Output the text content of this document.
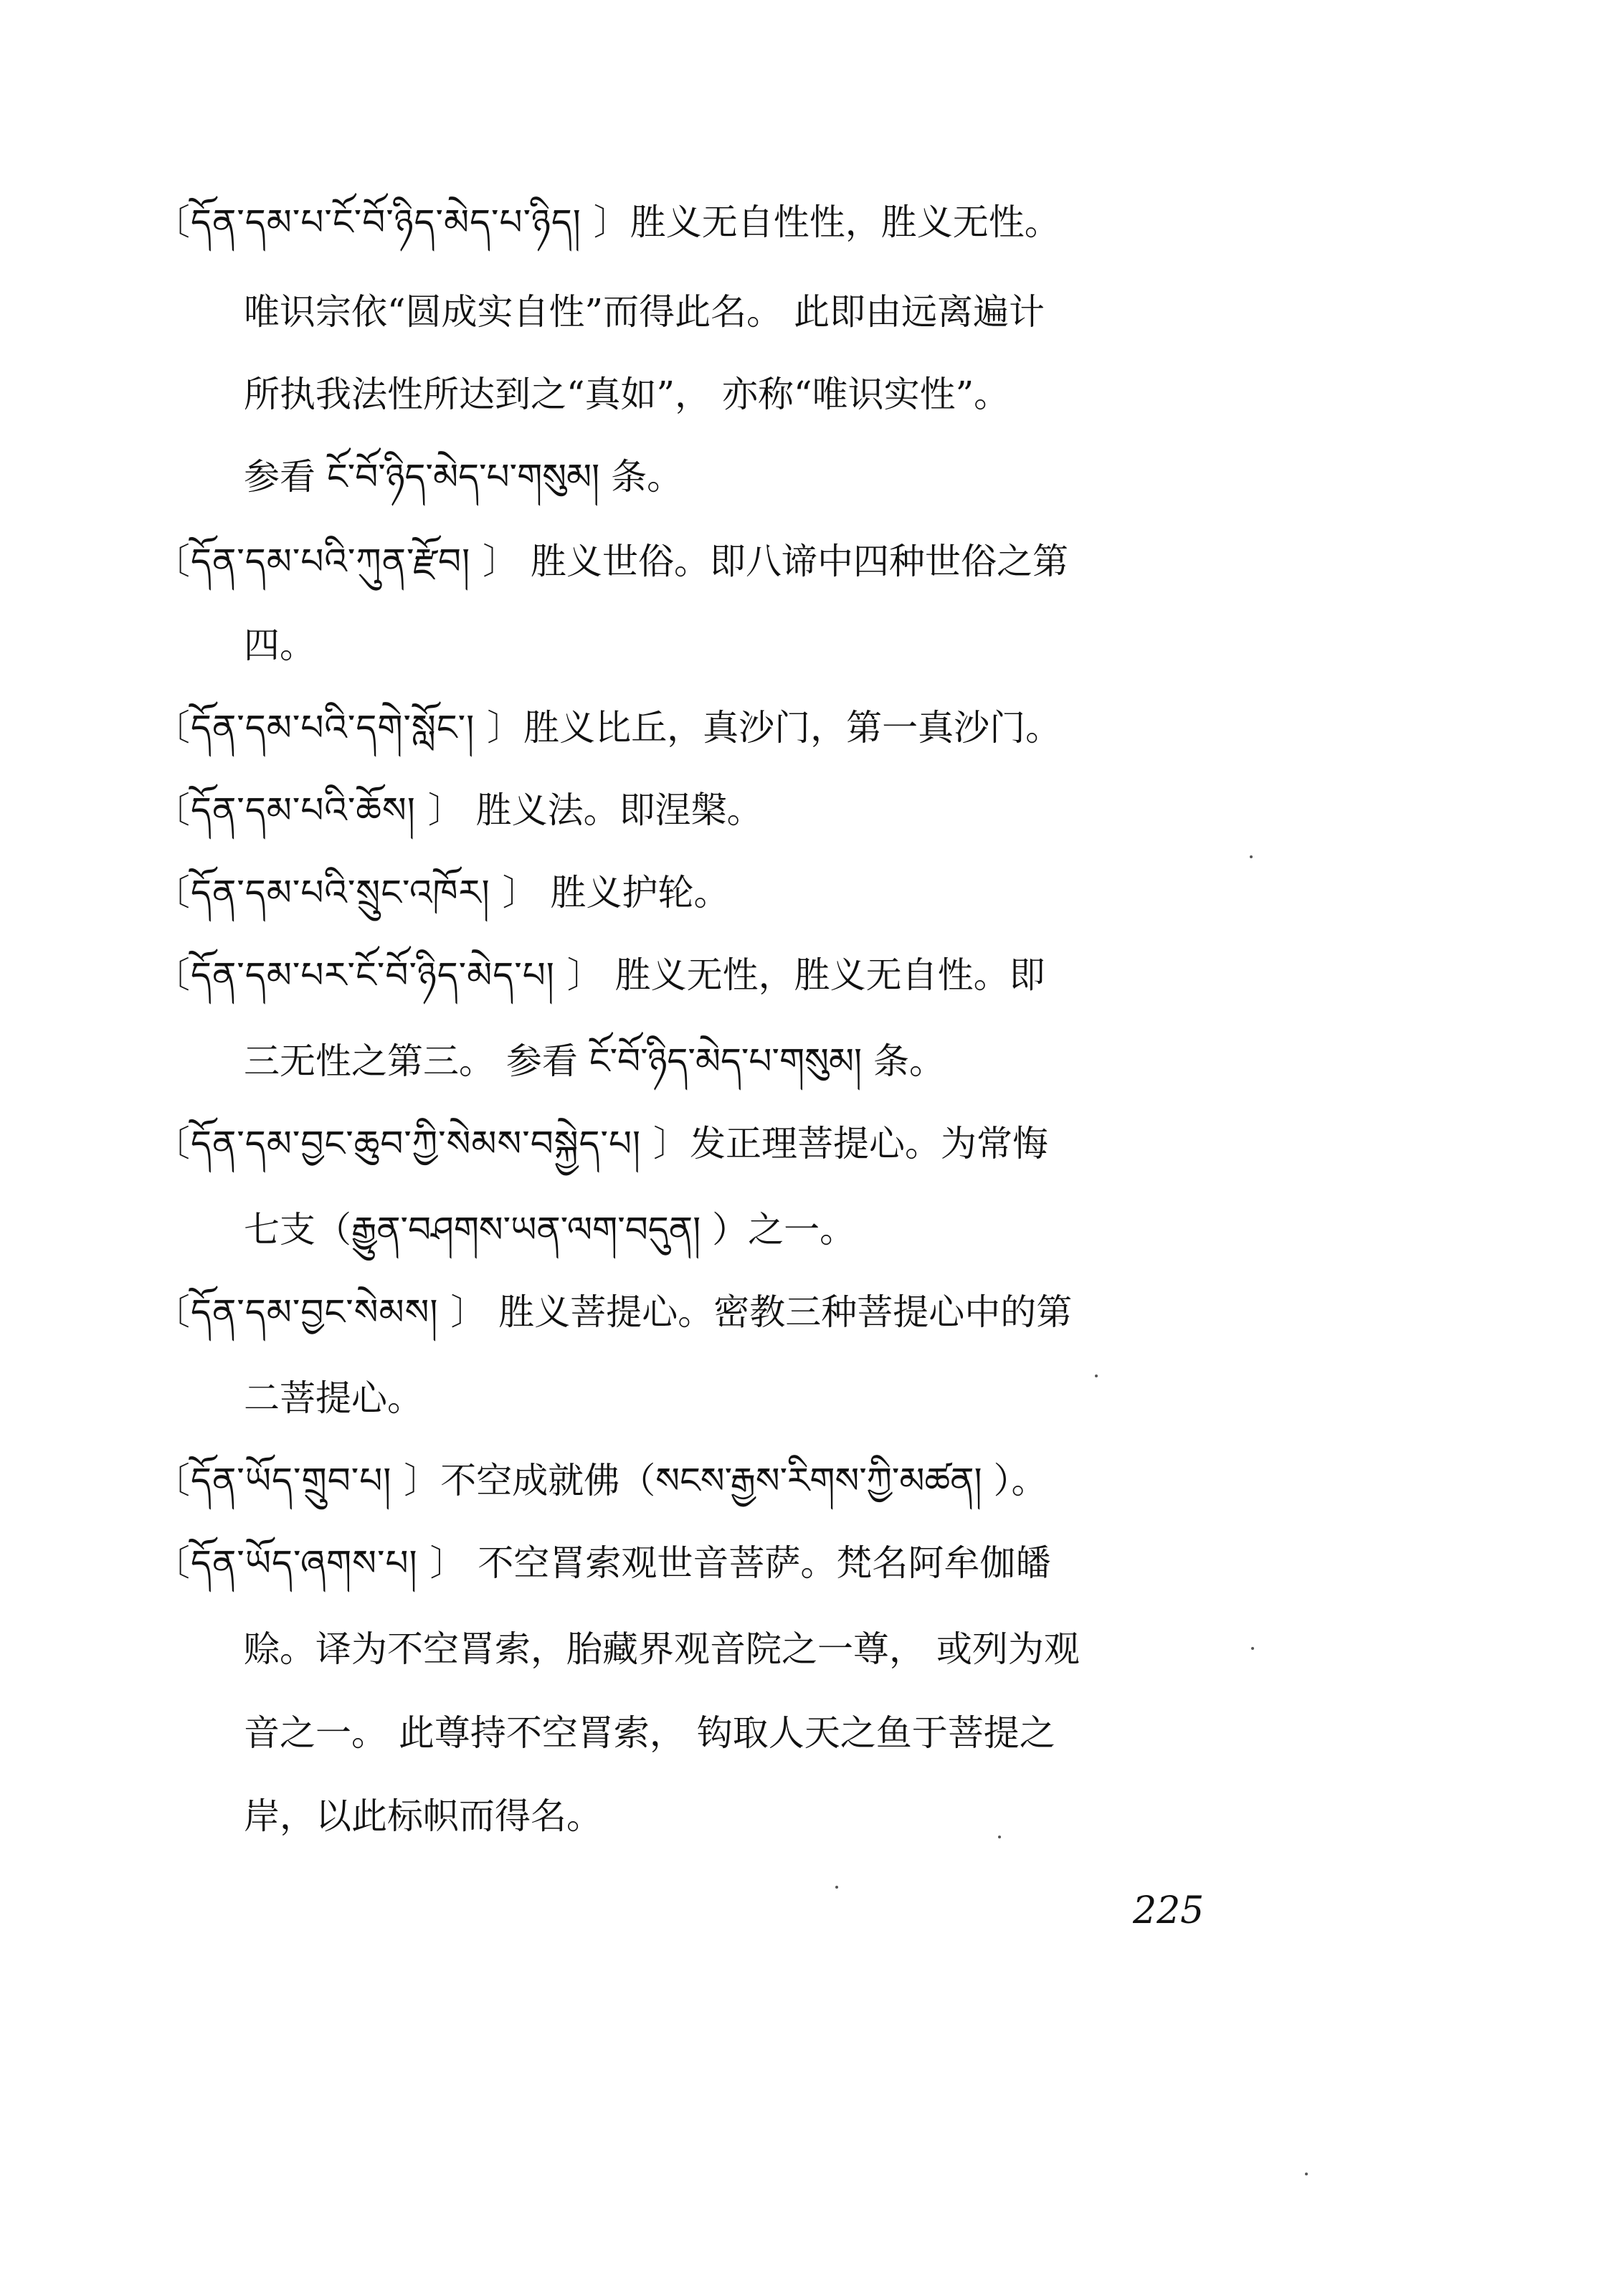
〔དོན་དམ་པ་ངོ་བོ་ཉིད་མེད་པ་ཉིད། 〕胜义无自性性，胜义无性。
唯识宗依“圆成实自性”而得此名。 此即由远离遍计
所执我法性所达到之“真如”， 亦称“唯识实性”。
参看 ངོ་བོ་ཉིད་མེད་པ་གསུམ། 条。
〔དོན་དམ་པའི་ཀུན་རྫོབ། 〕 胜义世俗。即八谛中四种世俗之第
四。
〔དོན་དམ་པའི་དགེ་སློང་། 〕胜义比丘，真沙门，第一真沙门。
〔དོན་དམ་པའི་ཆོས། 〕 胜义法。即涅槃。
〔དོན་དམ་པའི་སྲུང་འཁོར། 〕 胜义护轮。
〔དོན་དམ་པར་ངོ་བོ་ཉིད་མེད་པ། 〕 胜义无性，胜义无自性。即
三无性之第三。 参看 ངོ་བོ་ཉིད་མེད་པ་གསུམ། 条。
〔དོན་དམ་བྱང་ཆུབ་ཀྱི་སེམས་བསྐྱེད་པ། 〕发正理菩提心。为常悔
七支（རྒྱུན་བཤགས་ཡན་ལག་བདུན། ）之一。
〔དོན་དམ་བྱང་སེམས། 〕 胜义菩提心。密教三种菩提心中的第
二菩提心。
〔དོན་ཡོད་གྲུབ་པ། 〕不空成就佛（སངས་རྒྱས་རིགས་ཀྱི་མཚན། ）。
〔དོན་ཡོད་ཞགས་པ། 〕 不空罥索观世音菩萨。梵名阿牟伽皤
赊。译为不空罥索，胎藏界观音院之一尊， 或列为观
音之一。 此尊持不空罥索， 钩取人天之鱼于菩提之
岸，以此标帜而得名。
225
